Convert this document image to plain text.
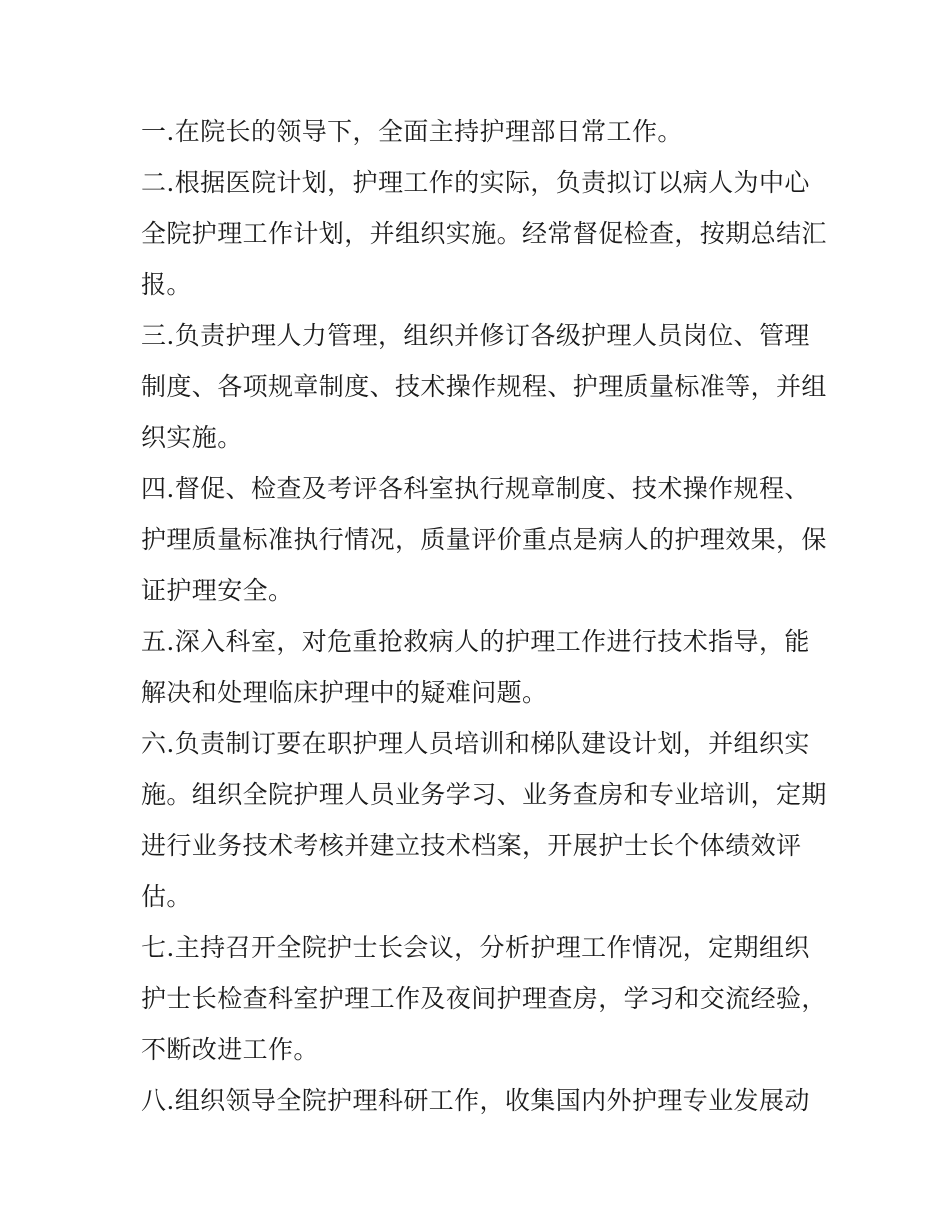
一.在院长的领导下，全面主持护理部日常工作。
二.根据医院计划，护理工作的实际，负责拟订以病人为中心
全院护理工作计划，并组织实施。经常督促检查，按期总结汇
报。
三.负责护理人力管理，组织并修订各级护理人员岗位、管理
制度、各项规章制度、技术操作规程、护理质量标准等，并组
织实施。
四.督促、检查及考评各科室执行规章制度、技术操作规程、
护理质量标准执行情况，质量评价重点是病人的护理效果，保
证护理安全。
五.深入科室，对危重抢救病人的护理工作进行技术指导，能
解决和处理临床护理中的疑难问题。
六.负责制订要在职护理人员培训和梯队建设计划，并组织实
施。组织全院护理人员业务学习、业务查房和专业培训，定期
进行业务技术考核并建立技术档案，开展护士长个体绩效评
估。
七.主持召开全院护士长会议，分析护理工作情况，定期组织
护士长检查科室护理工作及夜间护理查房，学习和交流经验，
不断改进工作。
八.组织领导全院护理科研工作，收集国内外护理专业发展动
